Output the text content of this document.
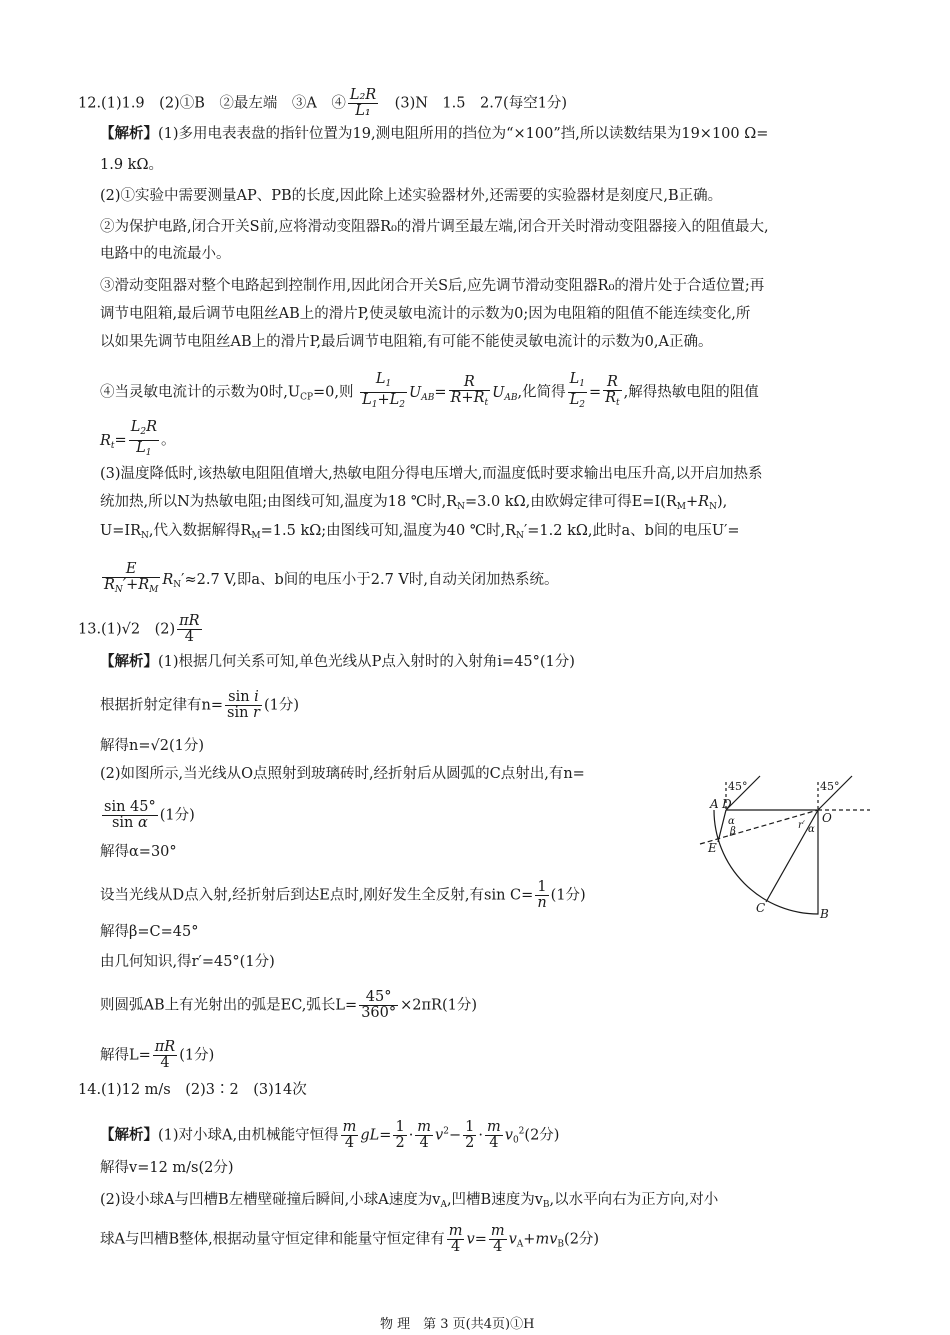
12.(1)1.9　(2)①B　②最左端　③A　④ $\frac{\text{L₂R}}{\text{L₁}}$ 　(3)N　1.5　2.7(每空1分)
【解析】(1)多用电表表盘的指针位置为19,测电阻所用的挡位为“×100”挡,所以读数结果为19×100 Ω=
1.9 kΩ。
(2)①实验中需要测量AP、PB的长度,因此除上述实验器材外,还需要的实验器材是刻度尺,B正确。
②为保护电路,闭合开关S前,应将滑动变阻器R₀的滑片调至最左端,闭合开关时滑动变阻器接入的阻值最大,
电路中的电流最小。
③滑动变阻器对整个电路起到控制作用,因此闭合开关S后,应先调节滑动变阻器R₀的滑片处于合适位置;再
调节电阻箱,最后调节电阻丝AB上的滑片P,使灵敏电流计的示数为0;因为电阻箱的阻值不能连续变化,所
以如果先调节电阻丝AB上的滑片P,最后调节电阻箱,有可能不能使灵敏电流计的示数为0,A正确。
④当灵敏电流计的示数为0时$,U_{CP}=0$,则 $\frac{L_1}{L_1+L_2} U_{AB}= \frac{R}{R+R_t} U_{AB}$,化简得 $\frac{L_1}{L_2} = \frac{R}{R_t}$ ,解得热敏电阻的阻值
$R_t= \frac{L_2R}{L_1}$ 。
(3)温度降低时,该热敏电阻阻值增大,热敏电阻分得电压增大,而温度低时要求输出电压升高,以开启加热系
统加热,所以N为热敏电阻;由图线可知,温度为18 ℃时$,R_N=3.0$ kΩ,由欧姆定律可得$E=I(R_M+R_N)$,
$U=IR_N$,代入数据解得$R_M=1.5$ kΩ;由图线可知,温度为40 ℃时$,R_N'=1.2$ kΩ,此时a、b间的电压U′=
$\frac{E}{R_N'+R_M} R_N'\approx 2.7$ V,即a、b间的电压小于2.7 V时,自动关闭加热系统。
13.(1)√2　$(2) \frac{\pi R}{4}$
【解析】(1)根据几何关系可知,单色光线从P点入射时的入射角i=45°(1分)
根据折射定律有$n= \frac{\text{sin i}}{\text{sin r}} (1$分)
解得n=√2(1分)
(2)如图所示,当光线从O点照射到玻璃砖时,经折射后从圆弧的C点射出,有n=
$\frac{\sin 45^\circ}{\text{sin α}} (1$分)
解得α=30°
设当光线从D点入射,经折射后到达E点时,刚好发生全反射,有$\sin C= \frac{1}{n} (1$分)
解得β=C=45°
由几何知识,得r′=45°(1分)
则圆弧AB上有光射出的弧是EC,弧长$L= \frac{45^\circ}{360^\circ} \times 2\pi R(1$分)
解得$L= \frac{\pi R}{4} (1$分)
14.(1)12 m/s　(2)3∶2　(3)14次
【解析】(1)对小球A,由机械能守恒得 $\frac{m}{4} gL= \frac{1}{2} \cdot \frac{m}{4} v^2- \frac{1}{2} \cdot \frac{m}{4} v_0^2(2$分)
解得v=12 m/s(2分)
(2)设小球A与凹槽B左槽壁碰撞后瞬间,小球A速度为$v_A$,凹槽B速度为$v_B$,以水平向右为正方向,对小
球A与凹槽B整体,根据动量守恒定律和能量守恒定律有 $\frac{m}{4} v= \frac{m}{4} v_A+mv_B(2$分)
物 理　第 3 页(共4页)①H
A D
O
E
C	B
45°	45°
α
β
r′ α
